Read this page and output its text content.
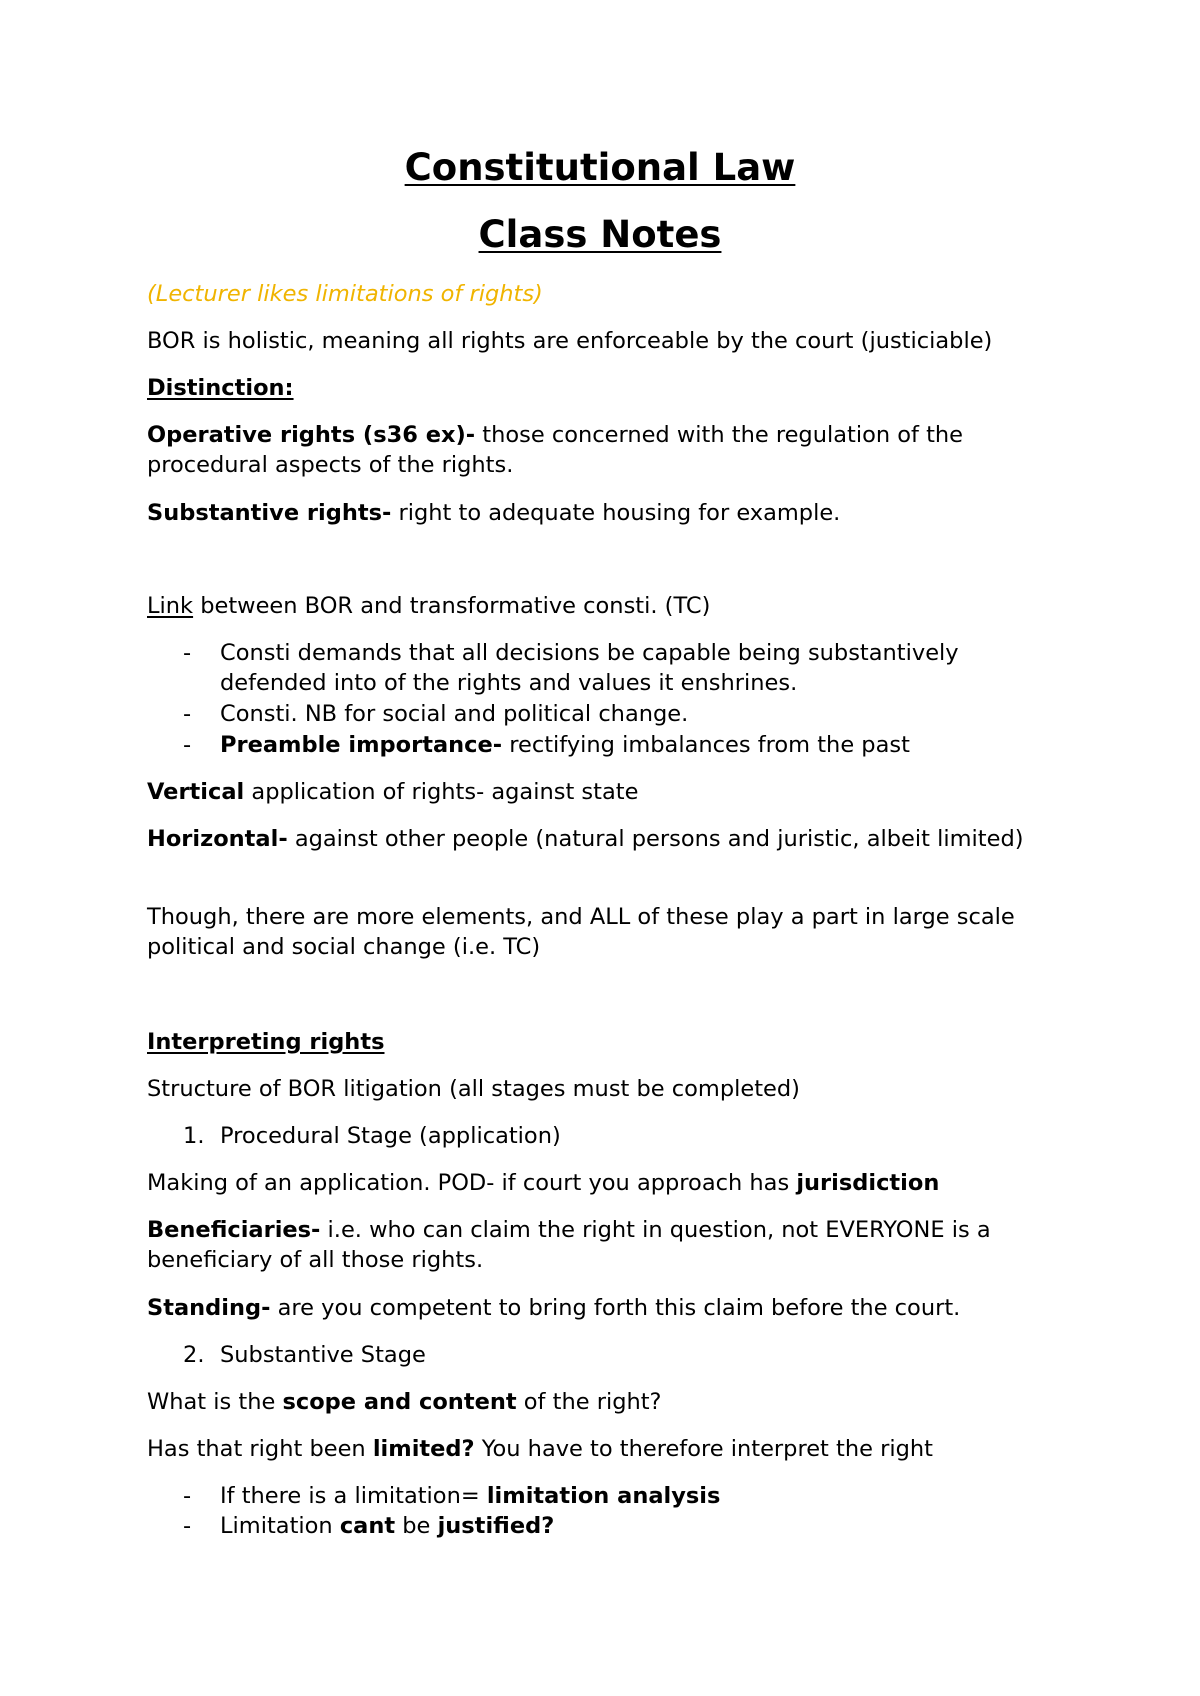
Constitutional Law
Class Notes

(Lecturer likes limitations of rights)

BOR is holistic, meaning all rights are enforceable by the court (justiciable)

Distinction:

Operative rights (s36 ex)- those concerned with the regulation of the procedural aspects of the rights.

Substantive rights- right to adequate housing for example.

Link between BOR and transformative consti. (TC)

-	Consti demands that all decisions be capable being substantively defended into of the rights and values it enshrines.
-	Consti. NB for social and political change.
-	Preamble importance- rectifying imbalances from the past

Vertical application of rights- against state

Horizontal- against other people (natural persons and juristic, albeit limited)

Though, there are more elements, and ALL of these play a part in large scale political and social change (i.e. TC)

Interpreting rights

Structure of BOR litigation (all stages must be completed)

1. Procedural Stage (application)

Making of an application. POD- if court you approach has jurisdiction

Beneficiaries- i.e. who can claim the right in question, not EVERYONE is a beneficiary of all those rights.

Standing- are you competent to bring forth this claim before the court.

2. Substantive Stage

What is the scope and content of the right?

Has that right been limited? You have to therefore interpret the right

-	If there is a limitation= limitation analysis
-	Limitation cant be justified?
